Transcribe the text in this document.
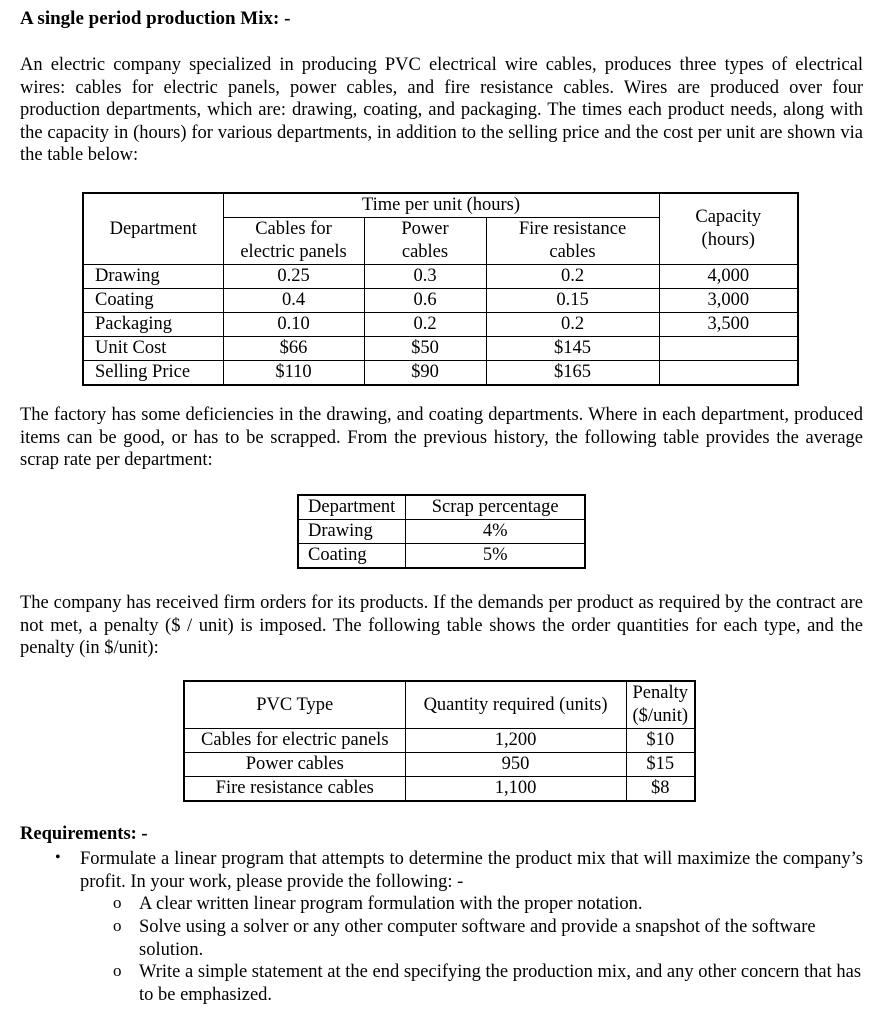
A single period production Mix: -
An electric company specialized in producing PVC electrical wire cables, produces three types of electrical wires: cables for electric panels, power cables, and fire resistance cables. Wires are produced over four production departments, which are: drawing, coating, and packaging. The times each product needs, along with the capacity in (hours) for various departments, in addition to the selling price and the cost per unit are shown via the table below:
Department	Time per unit (hours)			Capacity (hours)
	Cables for electric panels	Power cables	Fire resistance cables	
Drawing	0.25	0.3	0.2	4,000
Coating	0.4	0.6	0.15	3,000
Packaging	0.10	0.2	0.2	3,500
Unit Cost	$66	$50	$145	
Selling Price	$110	$90	$165	
The factory has some deficiencies in the drawing, and coating departments. Where in each department, produced items can be good, or has to be scrapped. From the previous history, the following table provides the average scrap rate per department:
Department	Scrap percentage
Drawing	4%
Coating	5%
The company has received firm orders for its products. If the demands per product as required by the contract are not met, a penalty ($ / unit) is imposed. The following table shows the order quantities for each type, and the penalty (in $/unit):
PVC Type	Quantity required (units)	Penalty ($/unit)
Cables for electric panels	1,200	$10
Power cables	950	$15
Fire resistance cables	1,100	$8
Requirements: -
• Formulate a linear program that attempts to determine the product mix that will maximize the company’s profit. In your work, please provide the following: -
o A clear written linear program formulation with the proper notation.
o Solve using a solver or any other computer software and provide a snapshot of the software solution.
o Write a simple statement at the end specifying the production mix, and any other concern that has to be emphasized.
